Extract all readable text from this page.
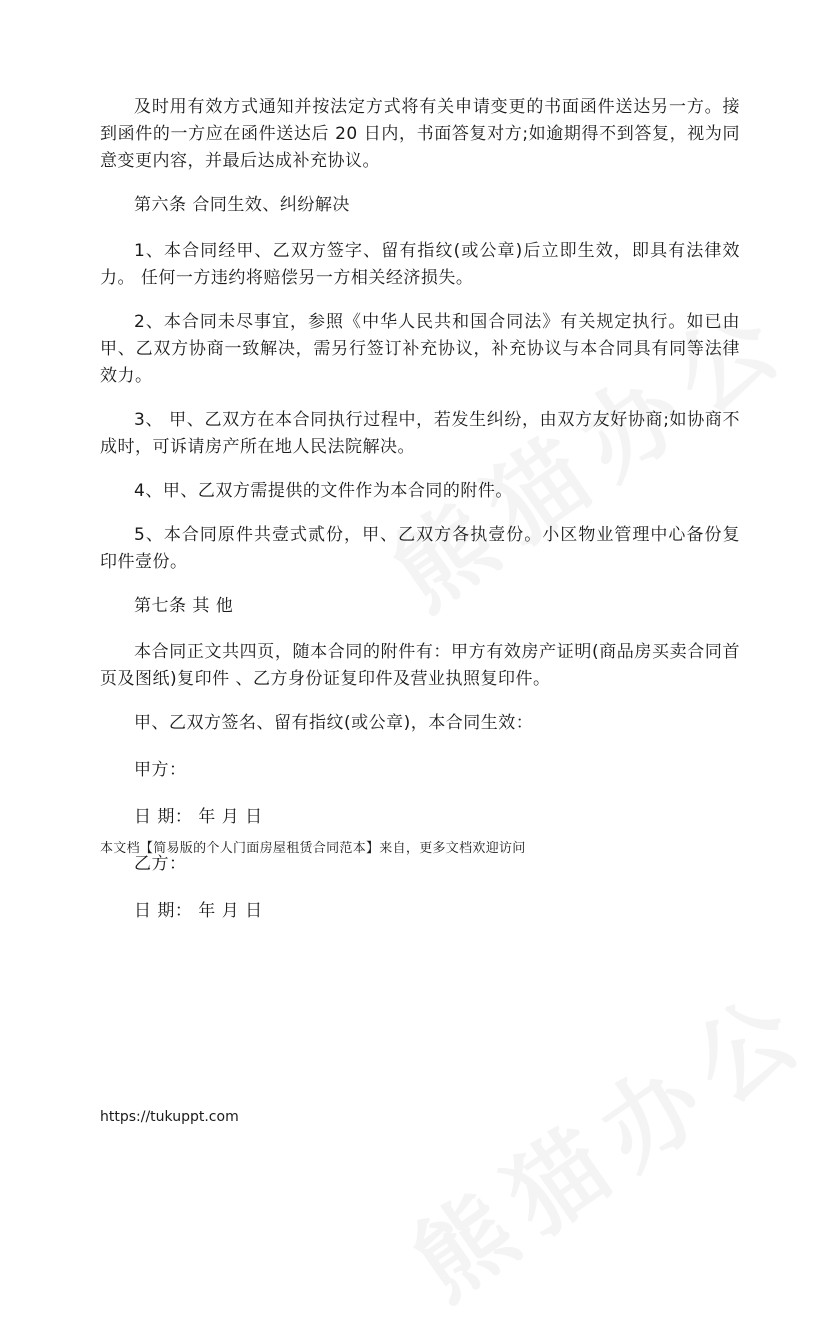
及时用有效方式通知并按法定方式将有关申请变更的书面函件送达另一方。接到函件的一方应在函件送达后 20 日内，书面答复对方;如逾期得不到答复，视为同意变更内容，并最后达成补充协议。

第六条 合同生效、纠纷解决

1、本合同经甲、乙双方签字、留有指纹(或公章)后立即生效，即具有法律效力。 任何一方违约将赔偿另一方相关经济损失。

2、本合同未尽事宜，参照《中华人民共和国合同法》有关规定执行。如已由甲、乙双方协商一致解决，需另行签订补充协议，补充协议与本合同具有同等法律效力。

3、 甲、乙双方在本合同执行过程中，若发生纠纷，由双方友好协商;如协商不成时，可诉请房产所在地人民法院解决。

4、甲、乙双方需提供的文件作为本合同的附件。

5、本合同原件共壹式贰份，甲、乙双方各执壹份。小区物业管理中心备份复印件壹份。

第七条 其 他

本合同正文共四页，随本合同的附件有：甲方有效房产证明(商品房买卖合同首页及图纸)复印件 、乙方身份证复印件及营业执照复印件。

甲、乙双方签名、留有指纹(或公章)，本合同生效：

甲方：

日 期： 年 月 日

乙方：

日 期： 年 月 日

本文档【简易版的个人门面房屋租赁合同范本】来自，更多文档欢迎访问
https://tukuppt.com
